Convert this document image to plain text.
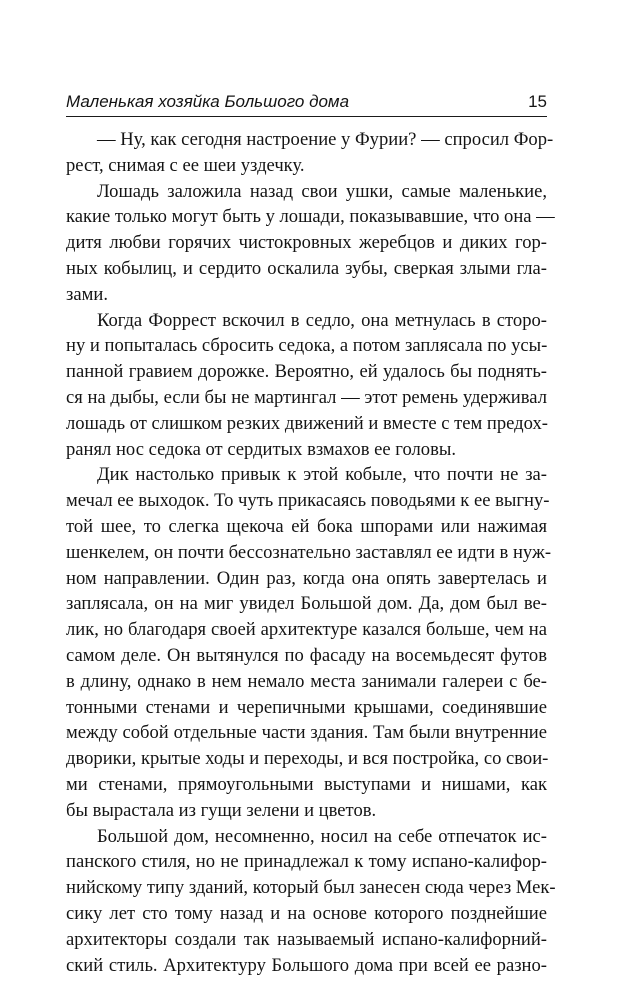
Маленькая хозяйка Большого дома	15
— Ну, как сегодня настроение у Фурии? — спросил Фор-
рест, снимая с ее шеи уздечку.
Лошадь заложила назад свои ушки, самые маленькие,
какие только могут быть у лошади, показывавшие, что она —
дитя любви горячих чистокровных жеребцов и диких гор-
ных кобылиц, и сердито оскалила зубы, сверкая злыми гла-
зами.
Когда Форрест вскочил в седло, она метнулась в сторо-
ну и попыталась сбросить седока, а потом заплясала по усы-
панной гравием дорожке. Вероятно, ей удалось бы поднять-
ся на дыбы, если бы не мартингал — этот ремень удерживал
лошадь от слишком резких движений и вместе с тем предох-
ранял нос седока от сердитых взмахов ее головы.
Дик настолько привык к этой кобыле, что почти не за-
мечал ее выходок. То чуть прикасаясь поводьями к ее выгну-
той шее, то слегка щекоча ей бока шпорами или нажимая
шенкелем, он почти бессознательно заставлял ее идти в нуж-
ном направлении. Один раз, когда она опять завертелась и
заплясала, он на миг увидел Большой дом. Да, дом был ве-
лик, но благодаря своей архитектуре казался больше, чем на
самом деле. Он вытянулся по фасаду на восемьдесят футов
в длину, однако в нем немало места занимали галереи с бе-
тонными стенами и черепичными крышами, соединявшие
между собой отдельные части здания. Там были внутренние
дворики, крытые ходы и переходы, и вся постройка, со свои-
ми стенами, прямоугольными выступами и нишами, как
бы вырастала из гущи зелени и цветов.
Большой дом, несомненно, носил на себе отпечаток ис-
панского стиля, но не принадлежал к тому испано-калифор-
нийскому типу зданий, который был занесен сюда через Мек-
сику лет сто тому назад и на основе которого позднейшие
архитекторы создали так называемый испано-калифорний-
ский стиль. Архитектуру Большого дома при всей ее разно-
